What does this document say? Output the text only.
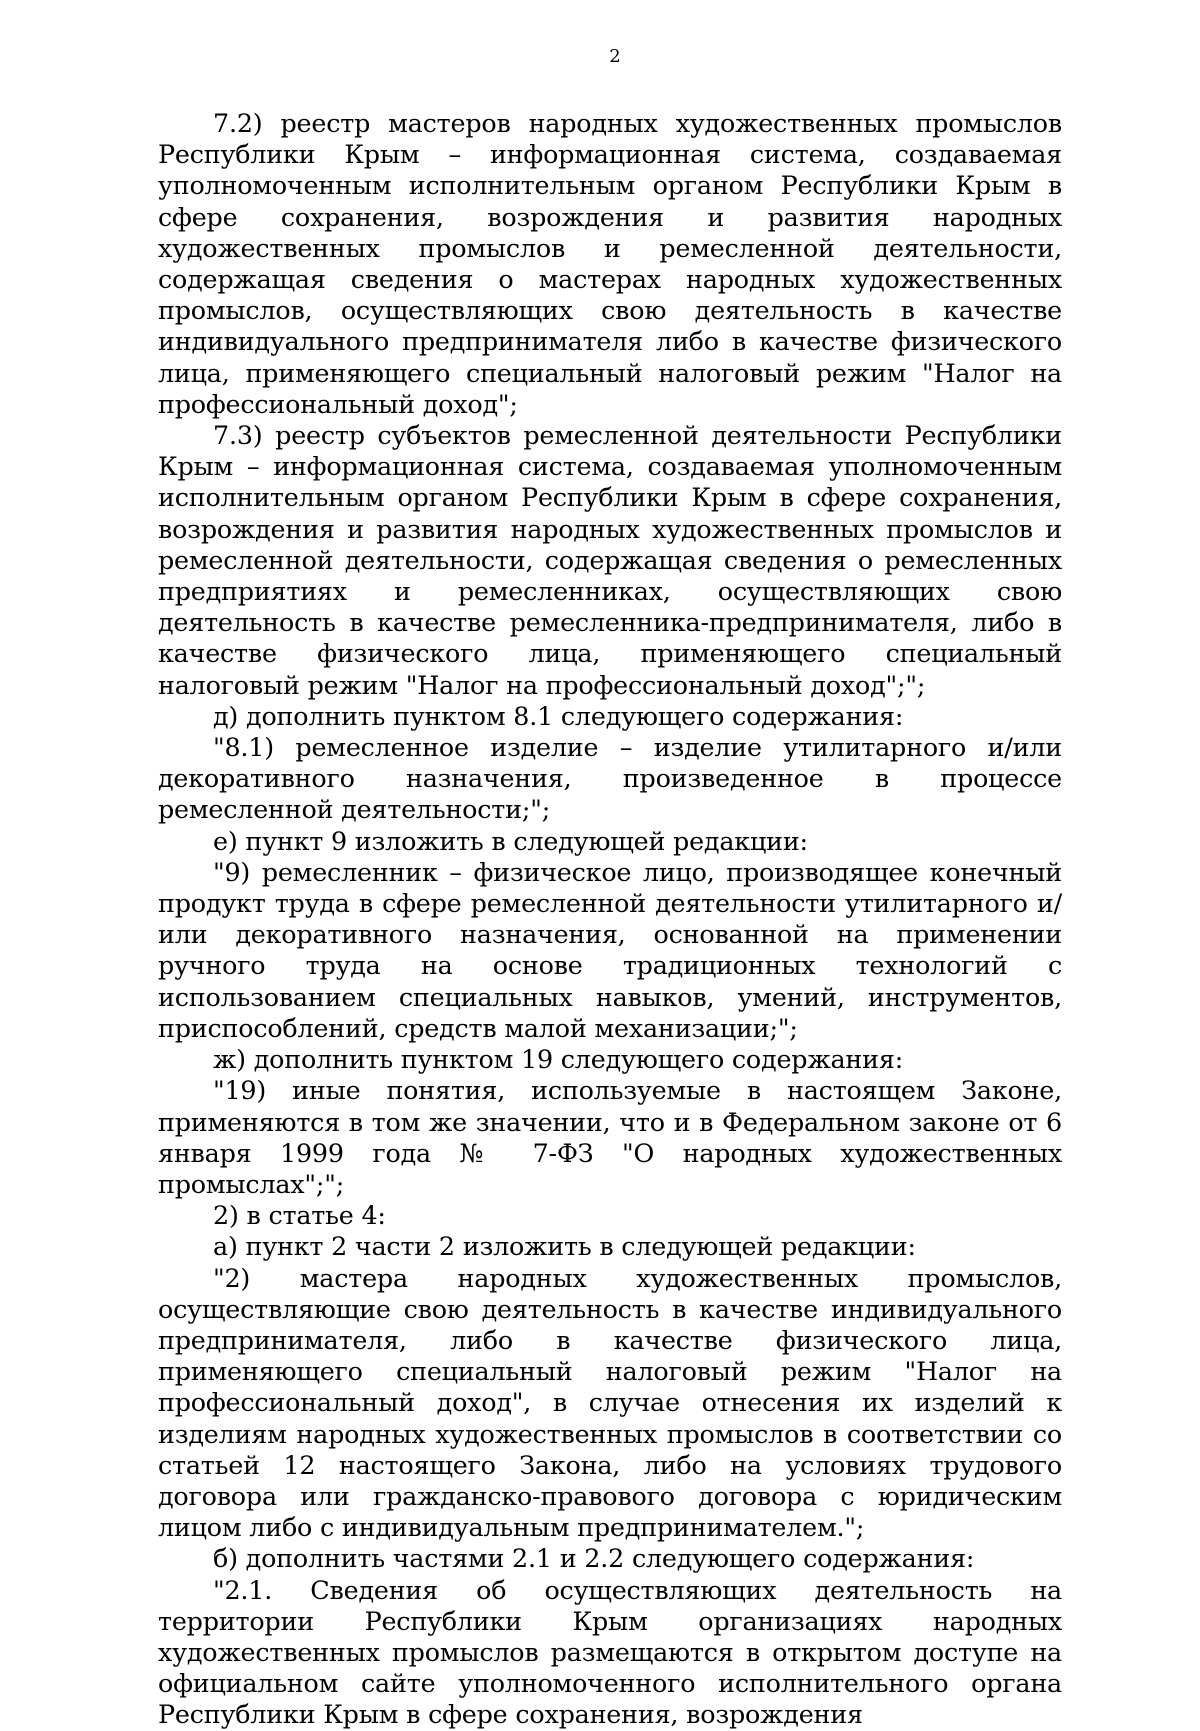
2

7.2) реестр мастеров народных художественных промыслов Республики Крым – информационная система, создаваемая уполномоченным исполнительным органом Республики Крым в сфере сохранения, возрождения и развития народных художественных промыслов и ремесленной деятельности, содержащая сведения о мастерах народных художественных промыслов, осуществляющих свою деятельность в качестве индивидуального предпринимателя либо в качестве физического лица, применяющего специальный налоговый режим "Налог на профессиональный доход";

7.3) реестр субъектов ремесленной деятельности Республики Крым – информационная система, создаваемая уполномоченным исполнительным органом Республики Крым в сфере сохранения, возрождения и развития народных художественных промыслов и ремесленной деятельности, содержащая сведения о ремесленных предприятиях и ремесленниках, осуществляющих свою деятельность в качестве ремесленника-предпринимателя, либо в качестве физического лица, применяющего специальный налоговый режим "Налог на профессиональный доход";";

д) дополнить пунктом 8.1 следующего содержания:

"8.1) ремесленное изделие – изделие утилитарного и/или декоративного назначения, произведенное в процессе ремесленной деятельности;";

е) пункт 9 изложить в следующей редакции:

"9) ремесленник – физическое лицо, производящее конечный продукт труда в сфере ремесленной деятельности утилитарного и/или декоративного назначения, основанной на применении ручного труда на основе традиционных технологий с использованием специальных навыков, умений, инструментов, приспособлений, средств малой механизации;";

ж) дополнить пунктом 19 следующего содержания:

"19) иные понятия, используемые в настоящем Законе, применяются в том же значении, что и в Федеральном законе от 6 января 1999 года № 7-ФЗ "О народных художественных промыслах";";

2) в статье 4:

а) пункт 2 части 2 изложить в следующей редакции:

"2) мастера народных художественных промыслов, осуществляющие свою деятельность в качестве индивидуального предпринимателя, либо в качестве физического лица, применяющего специальный налоговый режим "Налог на профессиональный доход", в случае отнесения их изделий к изделиям народных художественных промыслов в соответствии со статьей 12 настоящего Закона, либо на условиях трудового договора или гражданско-правового договора с юридическим лицом либо с индивидуальным предпринимателем.";

б) дополнить частями 2.1 и 2.2 следующего содержания:

"2.1. Сведения об осуществляющих деятельность на территории Республики Крым организациях народных художественных промыслов размещаются в открытом доступе на официальном сайте уполномоченного исполнительного органа Республики Крым в сфере сохранения, возрождения
